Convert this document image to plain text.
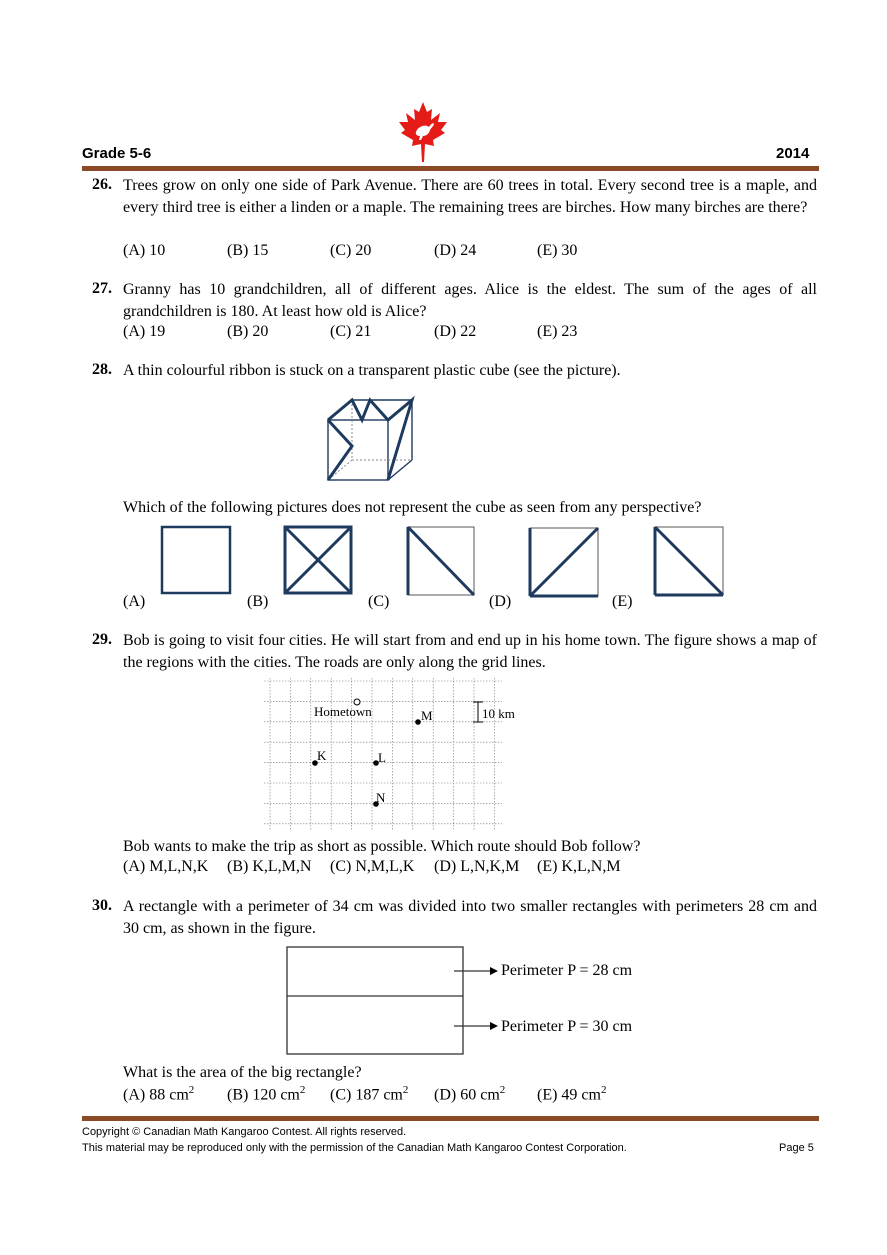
Grade 5-6	2014
26. Trees grow on only one side of Park Avenue. There are 60 trees in total. Every second tree is a maple, and every third tree is either a linden or a maple. The remaining trees are birches. How many birches are there?
(A) 10	(B) 15	(C) 20	(D) 24	(E) 30
27. Granny has 10 grandchildren, all of different ages. Alice is the eldest. The sum of the ages of all grandchildren is 180. At least how old is Alice?
(A) 19	(B) 20	(C) 21	(D) 22	(E) 23
28. A thin colourful ribbon is stuck on a transparent plastic cube (see the picture).
Which of the following pictures does not represent the cube as seen from any perspective?
(A)	(B)	(C)	(D)	(E)
29. Bob is going to visit four cities. He will start from and end up in his home town. The figure shows a map of the regions with the cities. The roads are only along the grid lines.
Hometown	M
K	L
N
10 km
Bob wants to make the trip as short as possible. Which route should Bob follow?
(A) M,L,N,K (B) K,L,M,N (C) N,M,L,K (D) L,N,K,M (E) K,L,N,M
30. A rectangle with a perimeter of 34 cm was divided into two smaller rectangles with perimeters 28 cm and 30 cm, as shown in the figure.
Perimeter P = 28 cm
Perimeter P = 30 cm
What is the area of the big rectangle?
(A) 88 $cm^2$ (B) 120 $cm^2$ (C) 187 $cm^2$ (D) 60 $cm^2$ (E) 49 $cm^2$
Copyright © Canadian Math Kangaroo Contest. All rights reserved.
This material may be reproduced only with the permission of the Canadian Math Kangaroo Contest Corporation.	Page 5
